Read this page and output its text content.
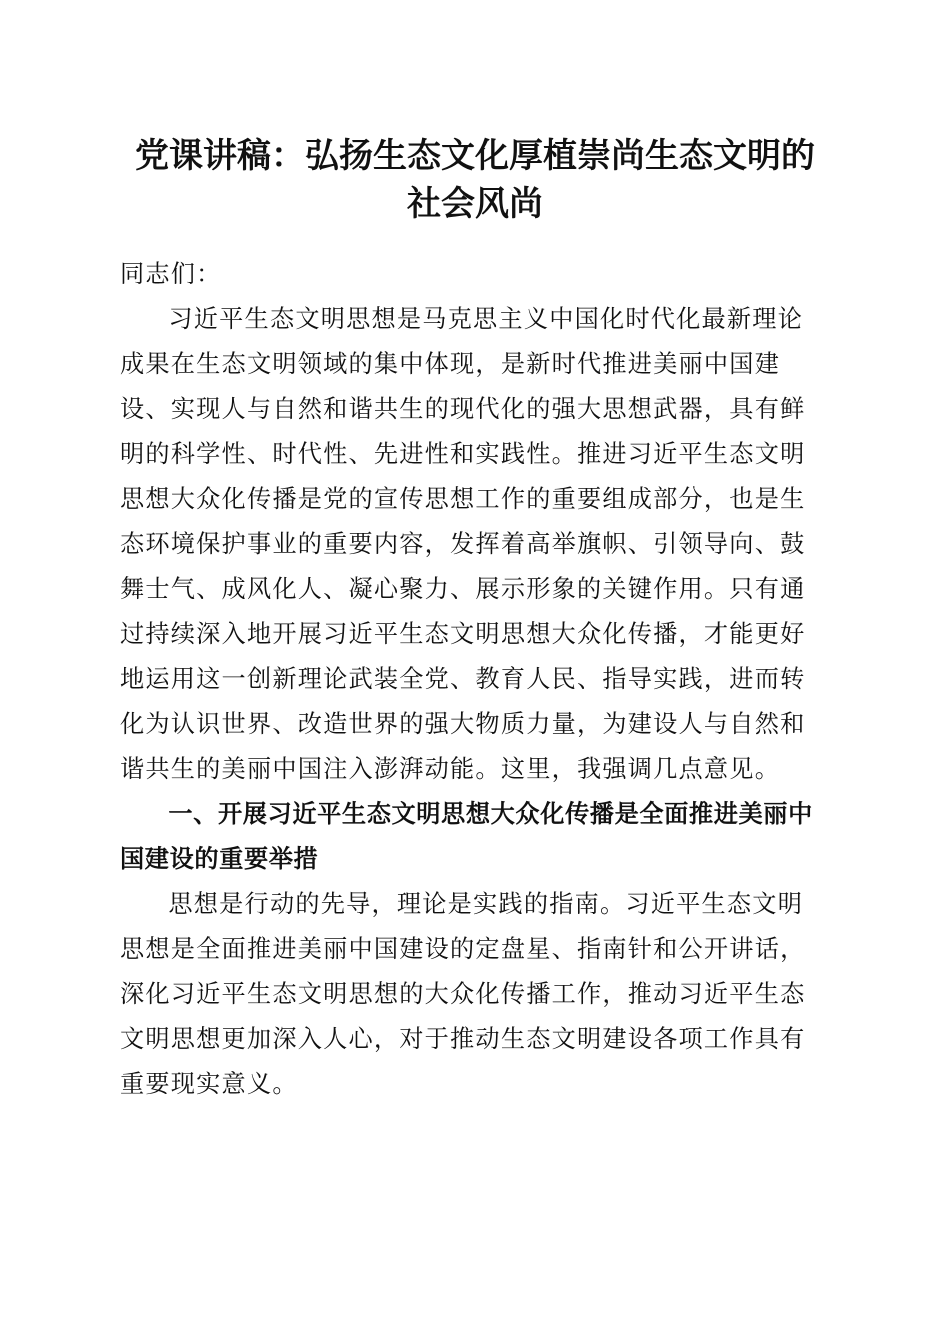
党课讲稿：弘扬生态文化厚植崇尚生态文明的
社会风尚

同志们：

习近平生态文明思想是马克思主义中国化时代化最新理论成果在生态文明领域的集中体现，是新时代推进美丽中国建设、实现人与自然和谐共生的现代化的强大思想武器，具有鲜明的科学性、时代性、先进性和实践性。推进习近平生态文明思想大众化传播是党的宣传思想工作的重要组成部分，也是生态环境保护事业的重要内容，发挥着高举旗帜、引领导向、鼓舞士气、成风化人、凝心聚力、展示形象的关键作用。只有通过持续深入地开展习近平生态文明思想大众化传播，才能更好地运用这一创新理论武装全党、教育人民、指导实践，进而转化为认识世界、改造世界的强大物质力量，为建设人与自然和谐共生的美丽中国注入澎湃动能。这里，我强调几点意见。

一、开展习近平生态文明思想大众化传播是全面推进美丽中国建设的重要举措

思想是行动的先导，理论是实践的指南。习近平生态文明思想是全面推进美丽中国建设的定盘星、指南针和公开讲话，深化习近平生态文明思想的大众化传播工作，推动习近平生态文明思想更加深入人心，对于推动生态文明建设各项工作具有重要现实意义。
